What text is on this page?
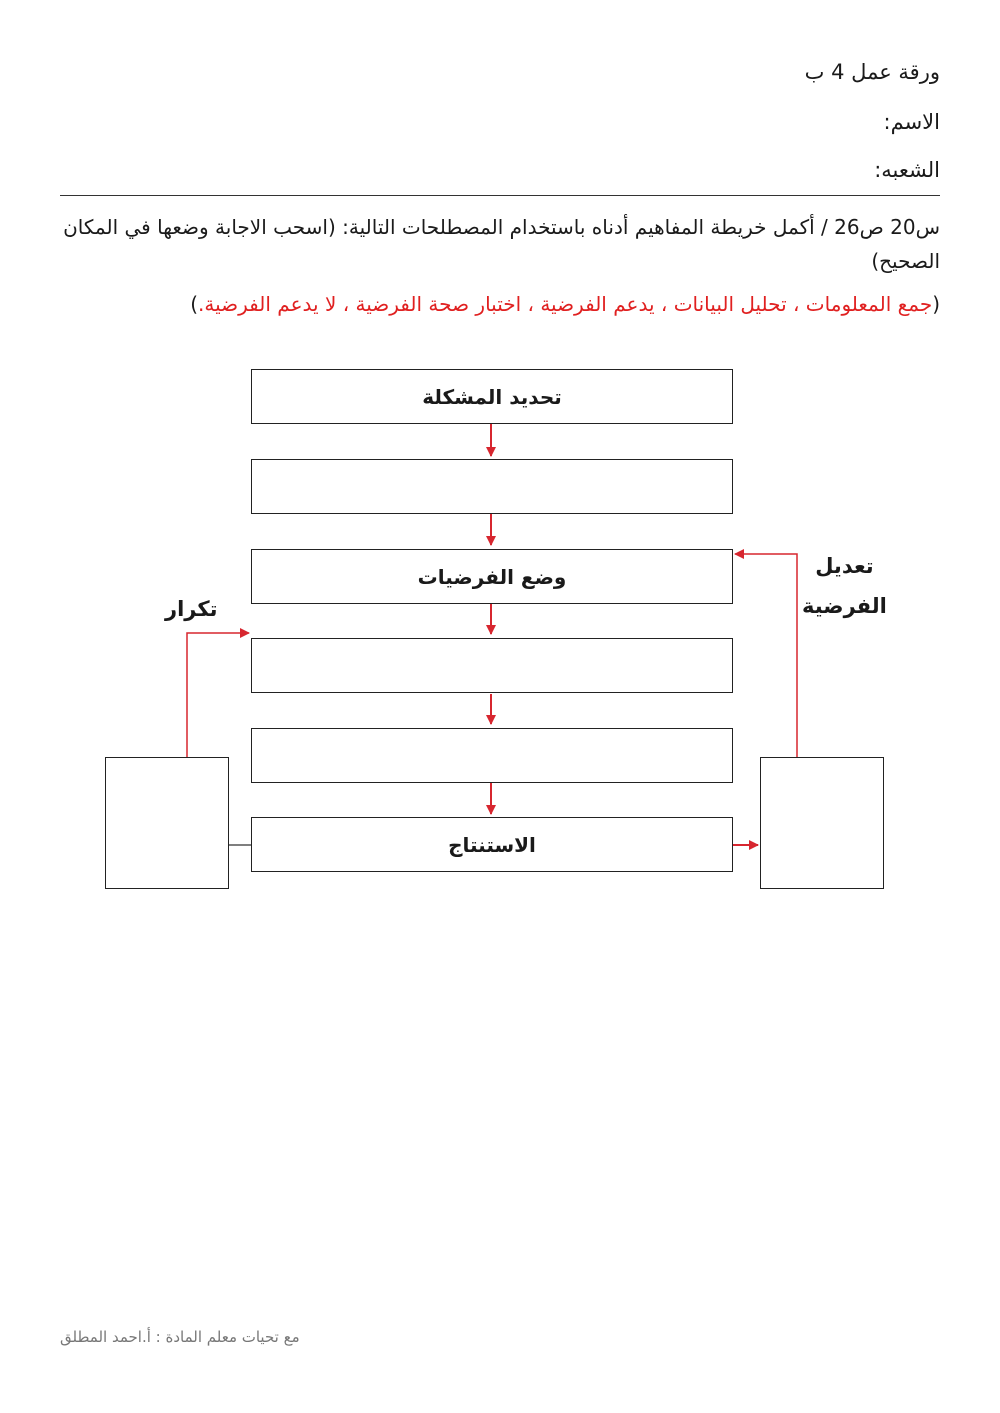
ورقة عمل 4 ب
الاسم:
الشعبه:
س20 ص26 / أكمل خريطة المفاهيم أدناه باستخدام المصطلحات التالية: (اسحب الاجابة وضعها في المكان الصحيح)
(جمع المعلومات ، تحليل البيانات ، يدعم الفرضية ، اختبار صحة الفرضية ، لا يدعم الفرضية.)
تحديد المشكلة
وضع الفرضيات
الاستنتاج
تكرار
تعديل
الفرضية
مع تحيات معلم المادة : أ.احمد المطلق
